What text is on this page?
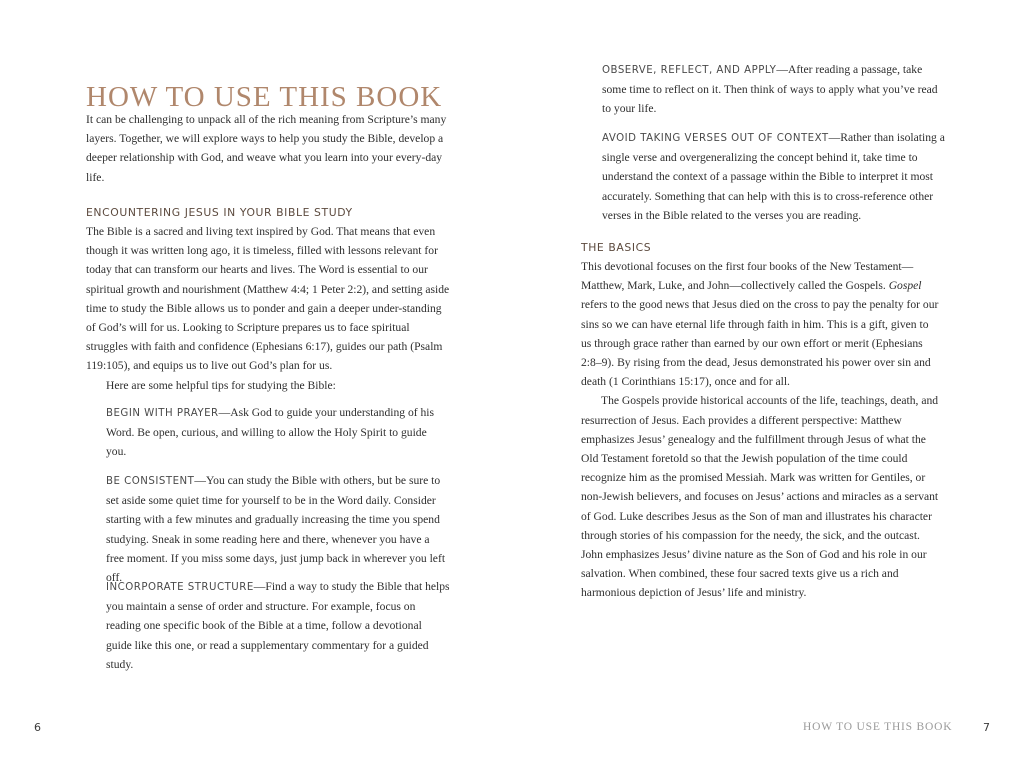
HOW TO USE THIS BOOK

It can be challenging to unpack all of the rich meaning from Scripture’s many layers. Together, we will explore ways to help you study the Bible, develop a deeper relationship with God, and weave what you learn into your every-day life.

ENCOUNTERING JESUS IN YOUR BIBLE STUDY

The Bible is a sacred and living text inspired by God. That means that even though it was written long ago, it is timeless, filled with lessons relevant for today that can transform our hearts and lives. The Word is essential to our spiritual growth and nourishment (Matthew 4:4; 1 Peter 2:2), and setting aside time to study the Bible allows us to ponder and gain a deeper under-standing of God’s will for us. Looking to Scripture prepares us to face spiritual struggles with faith and confidence (Ephesians 6:17), guides our path (Psalm 119:105), and equips us to live out God’s plan for us.

Here are some helpful tips for studying the Bible:

BEGIN WITH PRAYER—Ask God to guide your understanding of his Word. Be open, curious, and willing to allow the Holy Spirit to guide you.
BE CONSISTENT—You can study the Bible with others, but be sure to set aside some quiet time for yourself to be in the Word daily. Consider starting with a few minutes and gradually increasing the time you spend studying. Sneak in some reading here and there, whenever you have a free moment. If you miss some days, just jump back in wherever you left off.
INCORPORATE STRUCTURE—Find a way to study the Bible that helps you maintain a sense of order and structure. For example, focus on reading one specific book of the Bible at a time, follow a devotional guide like this one, or read a supplementary commentary for a guided study.
6
OBSERVE, REFLECT, AND APPLY—After reading a passage, take some time to reflect on it. Then think of ways to apply what you’ve read to your life.
AVOID TAKING VERSES OUT OF CONTEXT—Rather than isolating a single verse and overgeneralizing the concept behind it, take time to understand the context of a passage within the Bible to interpret it most accurately. Something that can help with this is to cross-reference other verses in the Bible related to the verses you are reading.
THE BASICS

This devotional focuses on the first four books of the New Testament—Matthew, Mark, Luke, and John—collectively called the Gospels. Gospel refers to the good news that Jesus died on the cross to pay the penalty for our sins so we can have eternal life through faith in him. This is a gift, given to us through grace rather than earned by our own effort or merit (Ephesians 2:8–9). By rising from the dead, Jesus demonstrated his power over sin and death (1 Corinthians 15:17), once and for all.

The Gospels provide historical accounts of the life, teachings, death, and resurrection of Jesus. Each provides a different perspective: Matthew emphasizes Jesus’ genealogy and the fulfillment through Jesus of what the Old Testament foretold so that the Jewish population of the time could recognize him as the promised Messiah. Mark was written for Gentiles, or non-Jewish believers, and focuses on Jesus’ actions and miracles as a servant of God. Luke describes Jesus as the Son of man and illustrates his character through stories of his compassion for the needy, the sick, and the outcast. John emphasizes Jesus’ divine nature as the Son of God and his role in our salvation. When combined, these four sacred texts give us a rich and harmonious depiction of Jesus’ life and ministry.

HOW TO USE THIS BOOK	7
